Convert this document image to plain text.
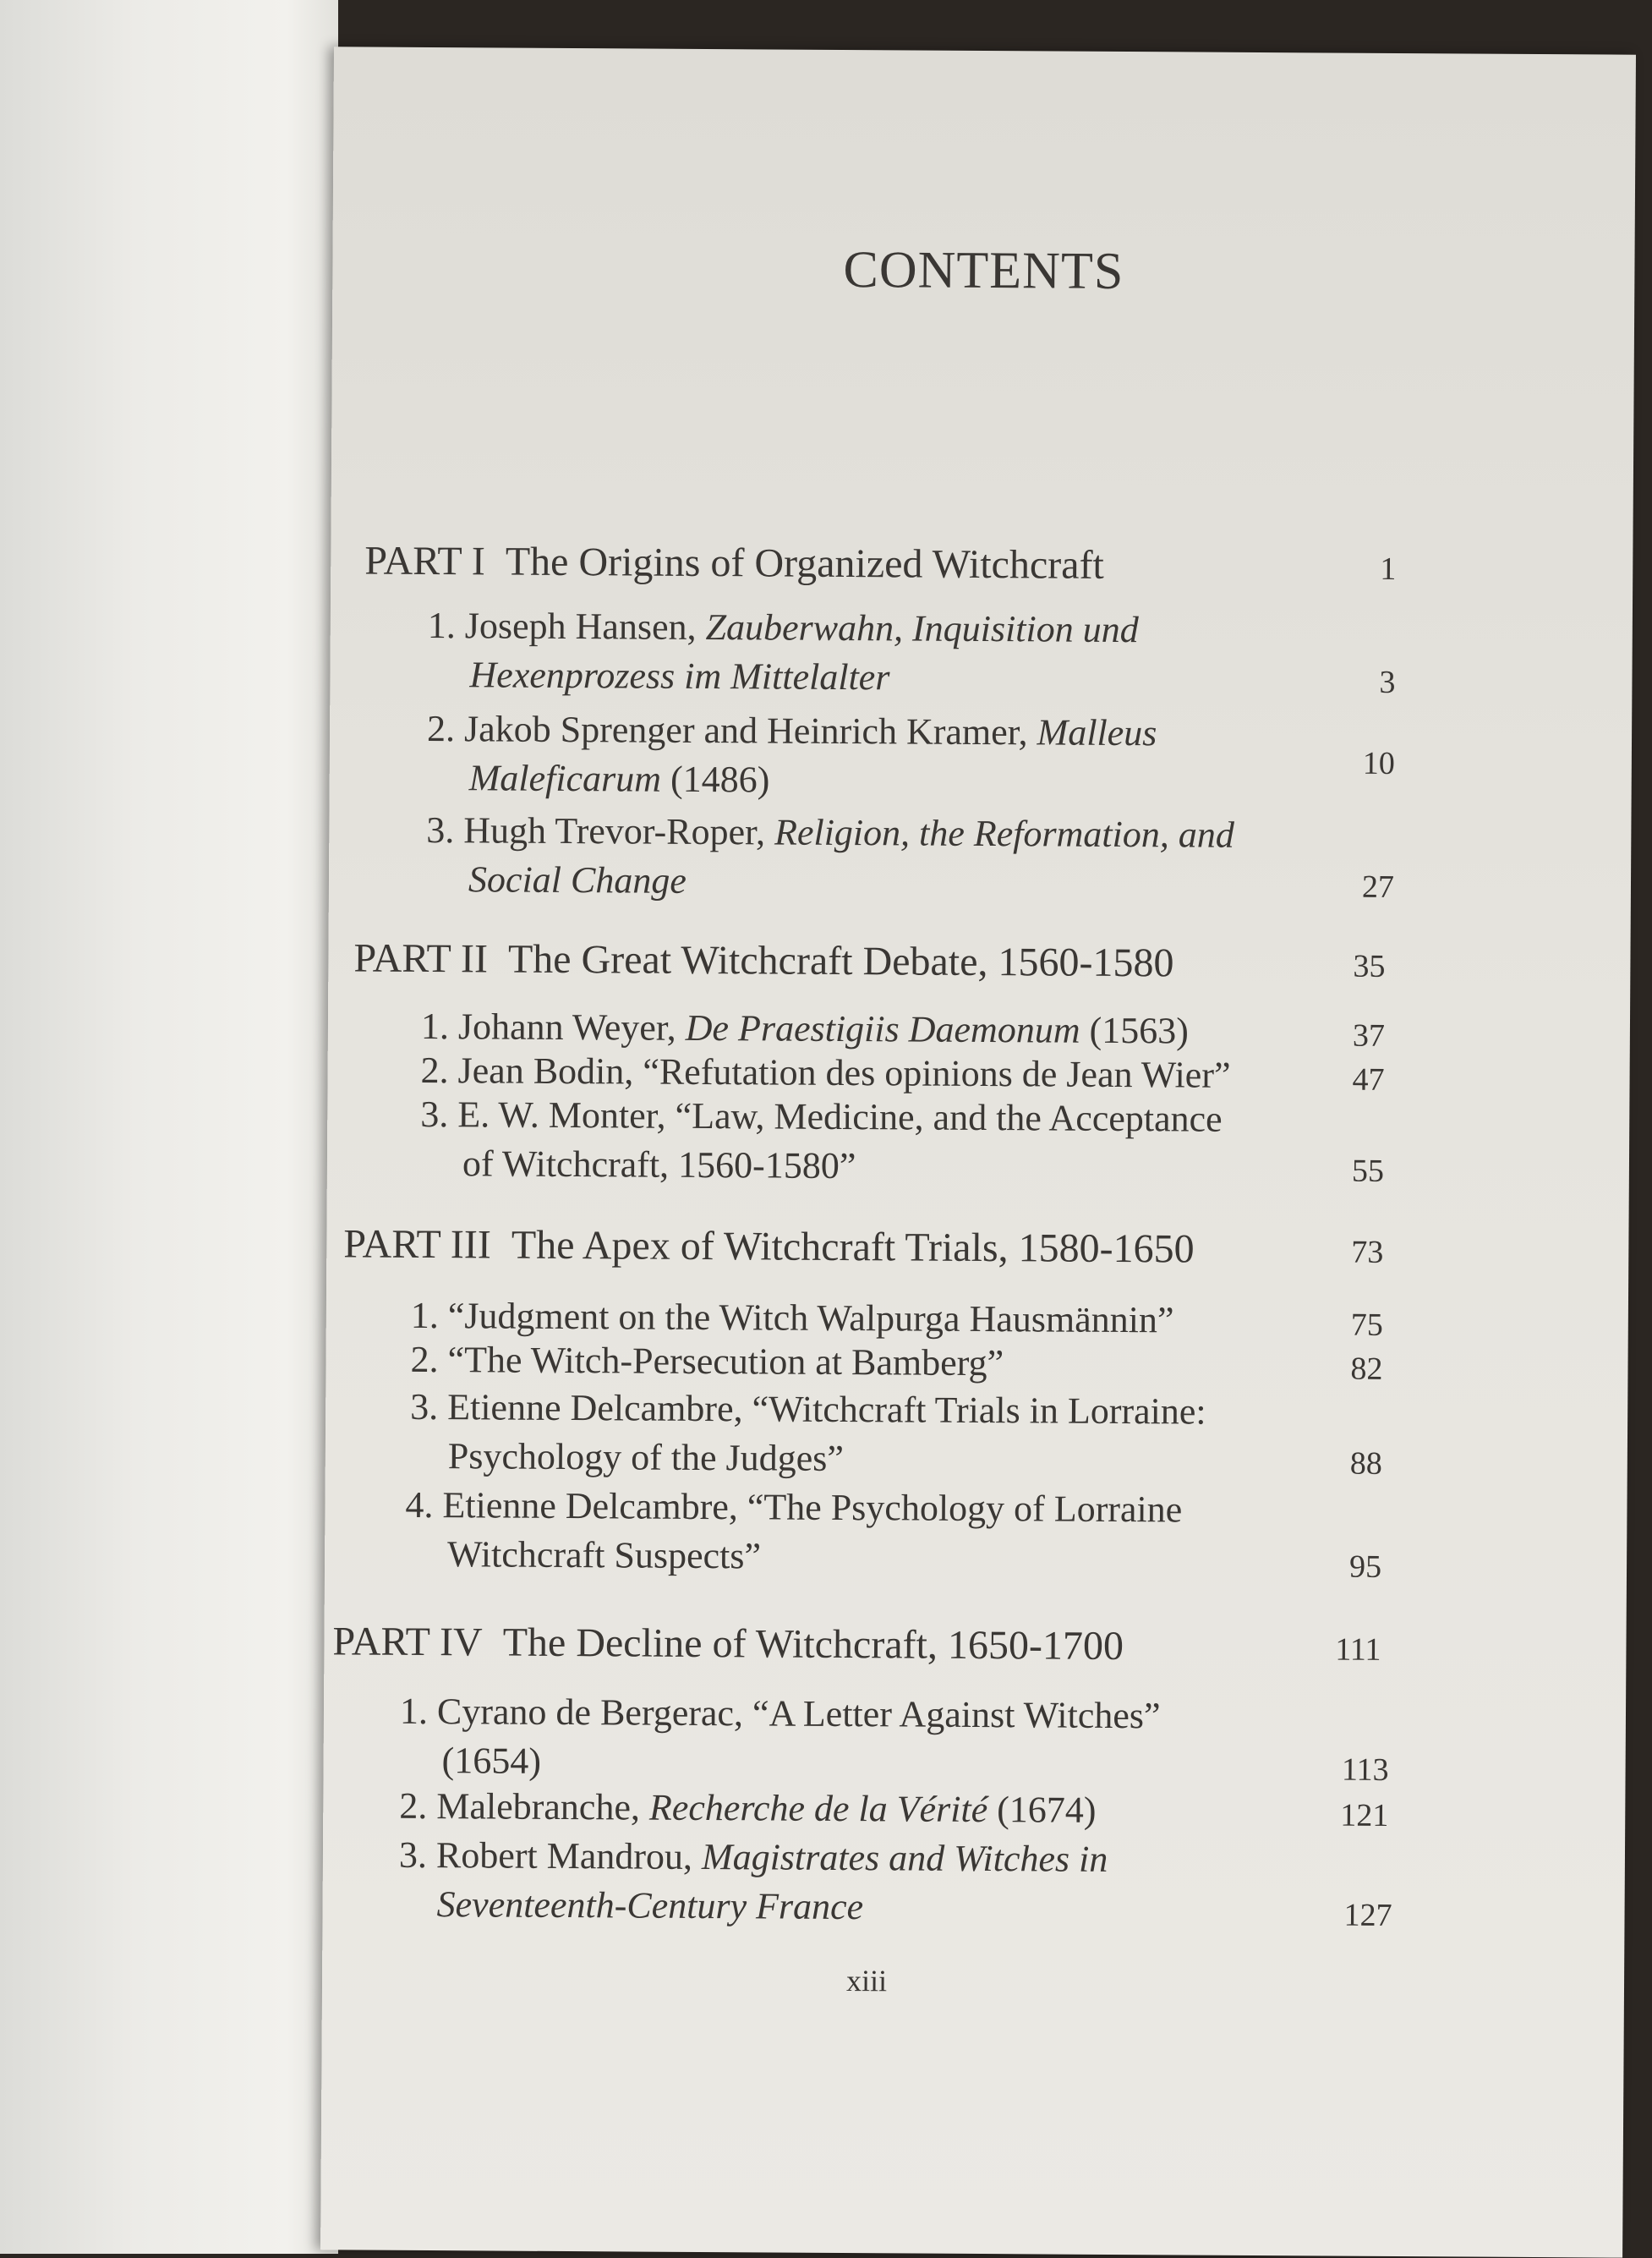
CONTENTS
PART I The Origins of Organized Witchcraft	1
1. Joseph Hansen, Zauberwahn, Inquisition und
Hexenprozess im Mittelalter	3
2. Jakob Sprenger and Heinrich Kramer, Malleus
Maleficarum (1486)	10
3. Hugh Trevor-Roper, Religion, the Reformation, and
Social Change	27
PART II The Great Witchcraft Debate, 1560-1580	35
1. Johann Weyer, De Praestigiis Daemonum (1563)	37
2. Jean Bodin, “Refutation des opinions de Jean Wier”	47
3. E. W. Monter, “Law, Medicine, and the Acceptance
of Witchcraft, 1560-1580”	55
PART III The Apex of Witchcraft Trials, 1580-1650	73
1. “Judgment on the Witch Walpurga Hausmännin”	75
2. “The Witch-Persecution at Bamberg”	82
3. Etienne Delcambre, “Witchcraft Trials in Lorraine:
Psychology of the Judges”	88
4. Etienne Delcambre, “The Psychology of Lorraine
Witchcraft Suspects”	95
PART IV The Decline of Witchcraft, 1650-1700	111
1. Cyrano de Bergerac, “A Letter Against Witches”
(1654)	113
2. Malebranche, Recherche de la Vérité (1674)	121
3. Robert Mandrou, Magistrates and Witches in
Seventeenth-Century France	127
xiii
